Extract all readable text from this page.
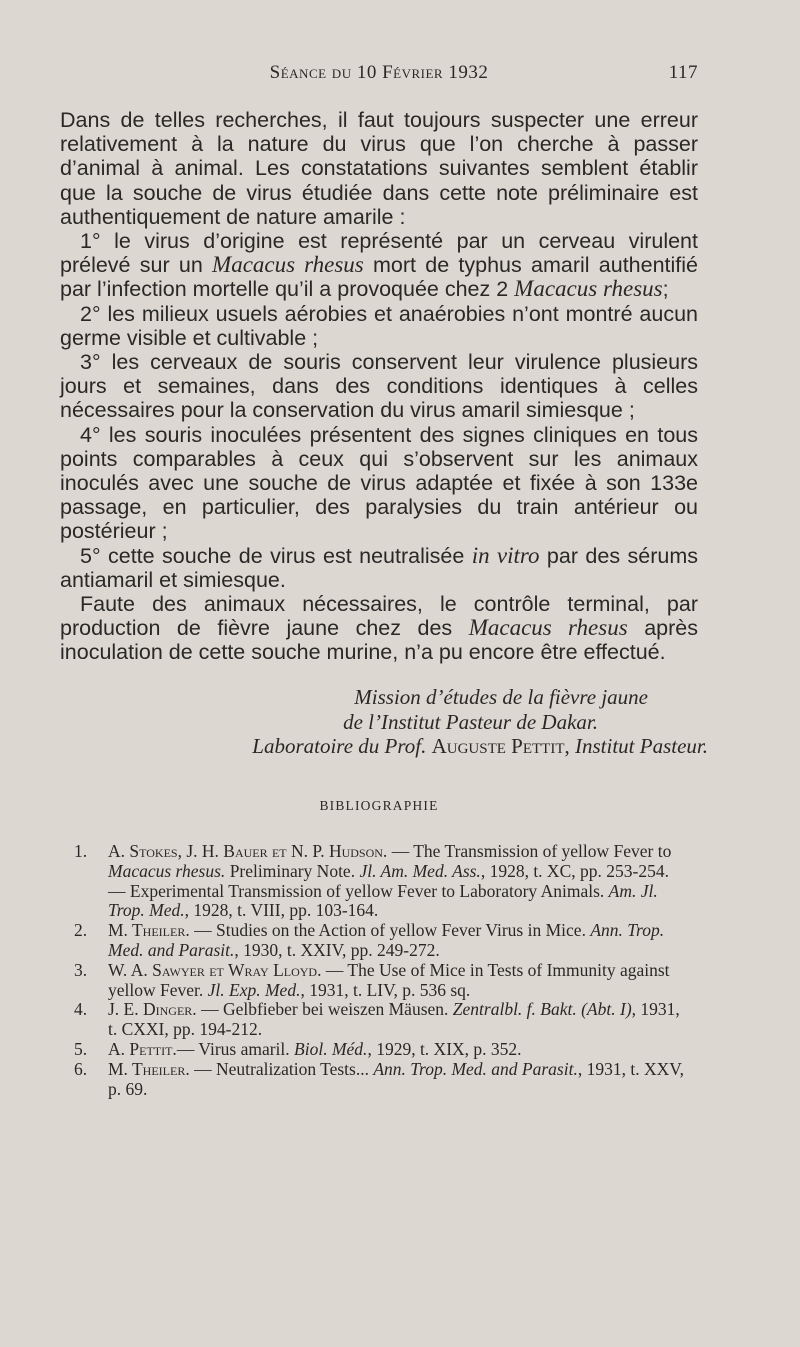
Séance du 10 Février 1932	117

Dans de telles recherches, il faut toujours suspecter une erreur relativement à la nature du virus que l’on cherche à passer d’animal à animal. Les constatations suivantes semblent établir que la souche de virus étudiée dans cette note préliminaire est authentiquement de nature amarile :

1° le virus d’origine est représenté par un cerveau virulent prélevé sur un Macacus rhesus mort de typhus amaril authentifié par l’infection mortelle qu’il a provoquée chez 2 Macacus rhesus;

2° les milieux usuels aérobies et anaérobies n’ont montré aucun germe visible et cultivable ;

3° les cerveaux de souris conservent leur virulence plusieurs jours et semaines, dans des conditions identiques à celles nécessaires pour la conservation du virus amaril simiesque ;

4° les souris inoculées présentent des signes cliniques en tous points comparables à ceux qui s’observent sur les animaux inoculés avec une souche de virus adaptée et fixée à son 133e passage, en particulier, des paralysies du train antérieur ou postérieur ;

5° cette souche de virus est neutralisée in vitro par des sérums antiamaril et simiesque.

Faute des animaux nécessaires, le contrôle terminal, par production de fièvre jaune chez des Macacus rhesus après inoculation de cette souche murine, n’a pu encore être effectué.

Mission d’études de la fièvre jaune
de l’Institut Pasteur de Dakar.
Laboratoire du Prof. Auguste Pettit, Institut Pasteur.
BIBLIOGRAPHIE

1. A. Stokes, J. H. Bauer et N. P. Hudson. — The Transmission of yellow Fever to Macacus rhesus. Preliminary Note. Jl. Am. Med. Ass., 1928, t. XC, pp. 253-254.

— Experimental Transmission of yellow Fever to Laboratory Animals. Am. Jl. Trop. Med., 1928, t. VIII, pp. 103-164.

2. M. Theiler. — Studies on the Action of yellow Fever Virus in Mice. Ann. Trop. Med. and Parasit., 1930, t. XXIV, pp. 249-272.

3. W. A. Sawyer et Wray Lloyd. — The Use of Mice in Tests of Immunity against yellow Fever. Jl. Exp. Med., 1931, t. LIV, p. 536 sq.

4. J. E. Dinger. — Gelbfieber bei weiszen Mäusen. Zentralbl. f. Bakt. (Abt. I), 1931, t. CXXI, pp. 194-212.

5. A. Pettit.— Virus amaril. Biol. Méd., 1929, t. XIX, p. 352.

6. M. Theiler. — Neutralization Tests... Ann. Trop. Med. and Parasit., 1931, t. XXV, p. 69.
